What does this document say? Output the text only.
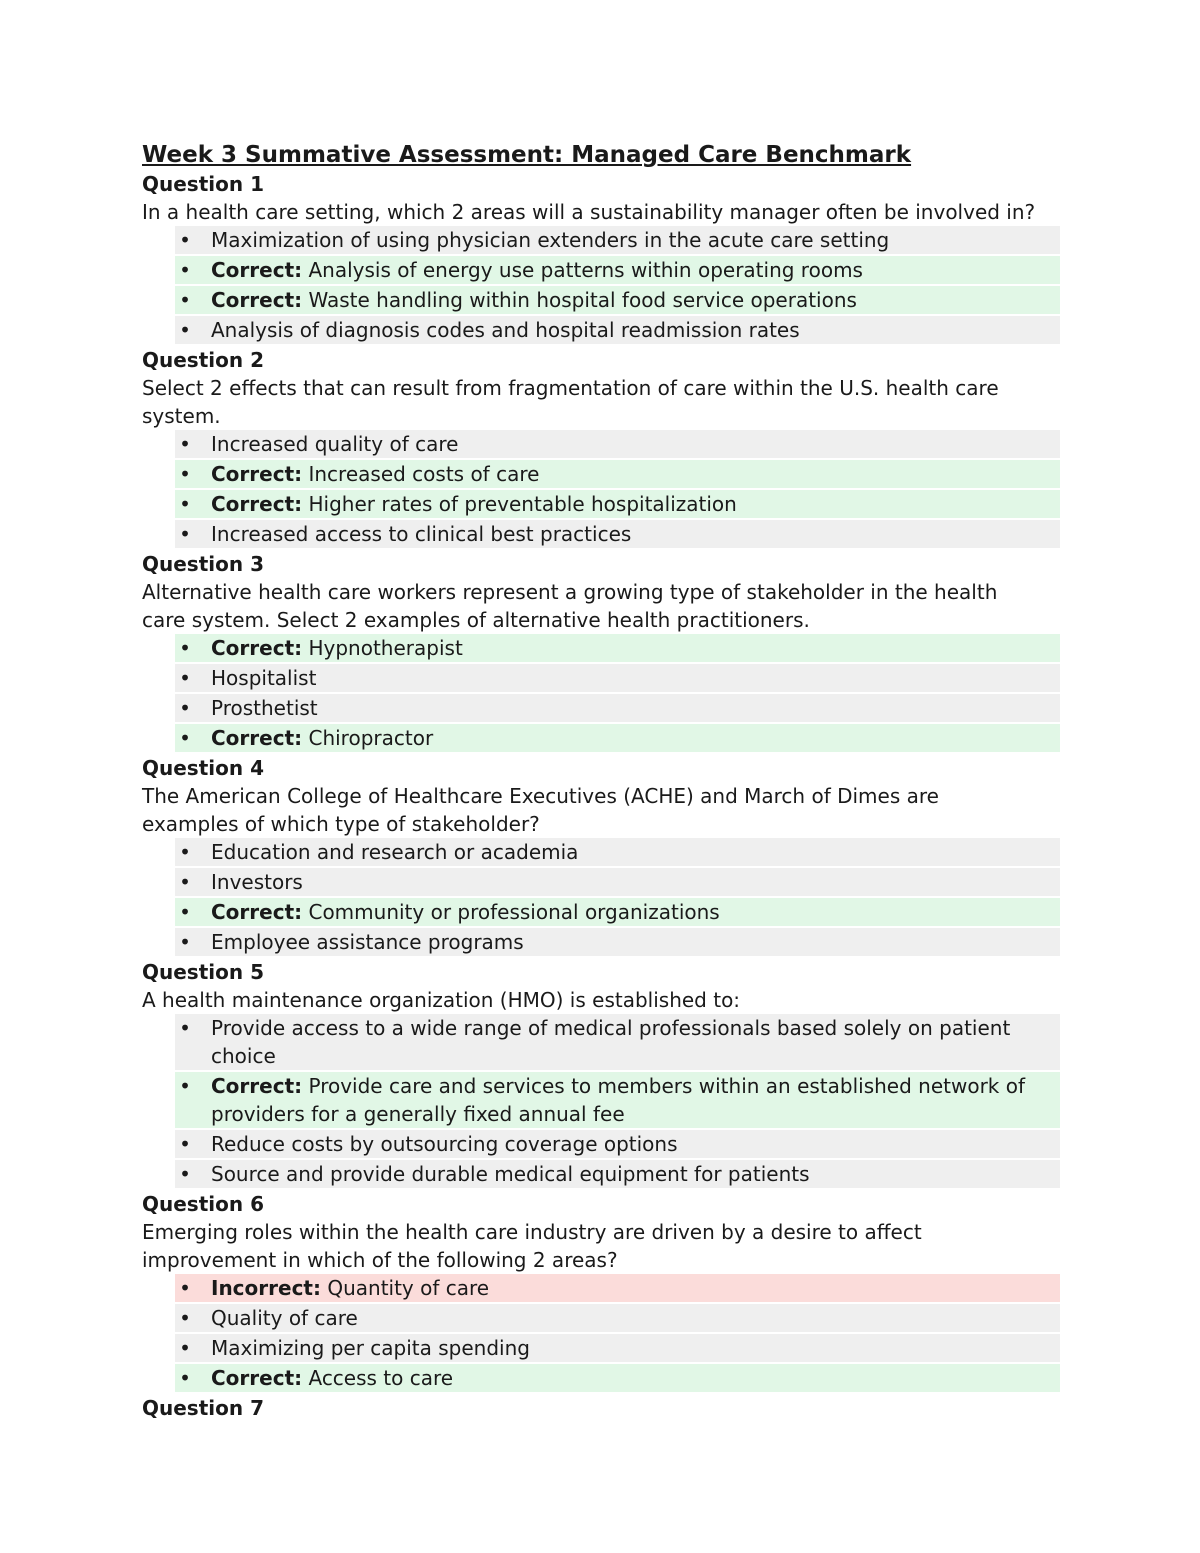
Week 3 Summative Assessment: Managed Care Benchmark

Question 1

In a health care setting, which 2 areas will a sustainability manager often be involved in?

• Maximization of using physician extenders in the acute care setting
• Correct: Analysis of energy use patterns within operating rooms
• Correct: Waste handling within hospital food service operations
• Analysis of diagnosis codes and hospital readmission rates

Question 2

Select 2 effects that can result from fragmentation of care within the U.S. health care system.

• Increased quality of care
• Correct: Increased costs of care
• Correct: Higher rates of preventable hospitalization
• Increased access to clinical best practices

Question 3

Alternative health care workers represent a growing type of stakeholder in the health care system. Select 2 examples of alternative health practitioners.

• Correct: Hypnotherapist
• Hospitalist
• Prosthetist
• Correct: Chiropractor

Question 4

The American College of Healthcare Executives (ACHE) and March of Dimes are examples of which type of stakeholder?

• Education and research or academia
• Investors
• Correct: Community or professional organizations
• Employee assistance programs

Question 5

A health maintenance organization (HMO) is established to:

• Provide access to a wide range of medical professionals based solely on patient choice
• Correct: Provide care and services to members within an established network of providers for a generally fixed annual fee
• Reduce costs by outsourcing coverage options
• Source and provide durable medical equipment for patients

Question 6

Emerging roles within the health care industry are driven by a desire to affect improvement in which of the following 2 areas?

• Incorrect: Quantity of care
• Quality of care
• Maximizing per capita spending
• Correct: Access to care

Question 7
